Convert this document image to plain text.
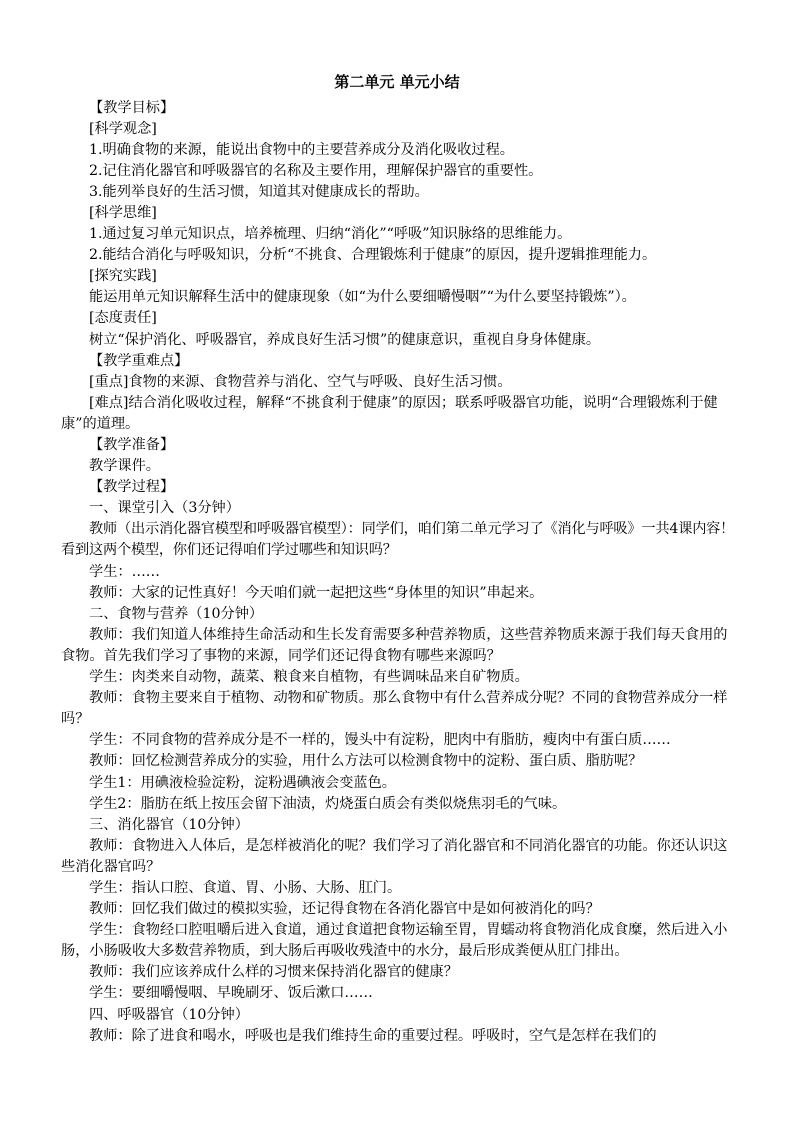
第二单元 单元小结
【教学目标】
[科学观念]
1.明确食物的来源，能说出食物中的主要营养成分及消化吸收过程。
2.记住消化器官和呼吸器官的名称及主要作用，理解保护器官的重要性。
3.能列举良好的生活习惯，知道其对健康成长的帮助。
[科学思维]
1.通过复习单元知识点，培养梳理、归纳“消化”“呼吸”知识脉络的思维能力。
2.能结合消化与呼吸知识，分析“不挑食、合理锻炼利于健康”的原因，提升逻辑推理能力。
[探究实践]
能运用单元知识解释生活中的健康现象（如“为什么要细嚼慢咽”“为什么要坚持锻炼”）。
[态度责任]
树立“保护消化、呼吸器官，养成良好生活习惯”的健康意识，重视自身身体健康。
【教学重难点】
[重点]食物的来源、食物营养与消化、空气与呼吸、良好生活习惯。
[难点]结合消化吸收过程，解释“不挑食利于健康”的原因；联系呼吸器官功能，说明“合理锻炼利于健康”的道理。
【教学准备】
教学课件。
【教学过程】
一、课堂引入（3分钟）
教师（出示消化器官模型和呼吸器官模型）：同学们，咱们第二单元学习了《消化与呼吸》一共4课内容！看到这两个模型，你们还记得咱们学过哪些和知识吗？
学生：……
教师：大家的记性真好！今天咱们就一起把这些“身体里的知识”串起来。
二、食物与营养（10分钟）
教师：我们知道人体维持生命活动和生长发育需要多种营养物质，这些营养物质来源于我们每天食用的食物。首先我们学习了事物的来源，同学们还记得食物有哪些来源吗？
学生：肉类来自动物，蔬菜、粮食来自植物，有些调味品来自矿物质。
教师：食物主要来自于植物、动物和矿物质。那么食物中有什么营养成分呢？不同的食物营养成分一样吗？
学生：不同食物的营养成分是不一样的，馒头中有淀粉，肥肉中有脂肪，瘦肉中有蛋白质……
教师：回忆检测营养成分的实验，用什么方法可以检测食物中的淀粉、蛋白质、脂肪呢？
学生1：用碘液检验淀粉，淀粉遇碘液会变蓝色。
学生2：脂肪在纸上按压会留下油渍，灼烧蛋白质会有类似烧焦羽毛的气味。
三、消化器官（10分钟）
教师：食物进入人体后，是怎样被消化的呢？我们学习了消化器官和不同消化器官的功能。你还认识这些消化器官吗？
学生：指认口腔、食道、胃、小肠、大肠、肛门。
教师：回忆我们做过的模拟实验，还记得食物在各消化器官中是如何被消化的吗？
学生：食物经口腔咀嚼后进入食道，通过食道把食物运输至胃，胃蠕动将食物消化成食糜，然后进入小肠，小肠吸收大多数营养物质，到大肠后再吸收残渣中的水分，最后形成粪便从肛门排出。
教师：我们应该养成什么样的习惯来保持消化器官的健康？
学生：要细嚼慢咽、早晚刷牙、饭后漱口……
四、呼吸器官（10分钟）
教师：除了进食和喝水，呼吸也是我们维持生命的重要过程。呼吸时，空气是怎样在我们的
